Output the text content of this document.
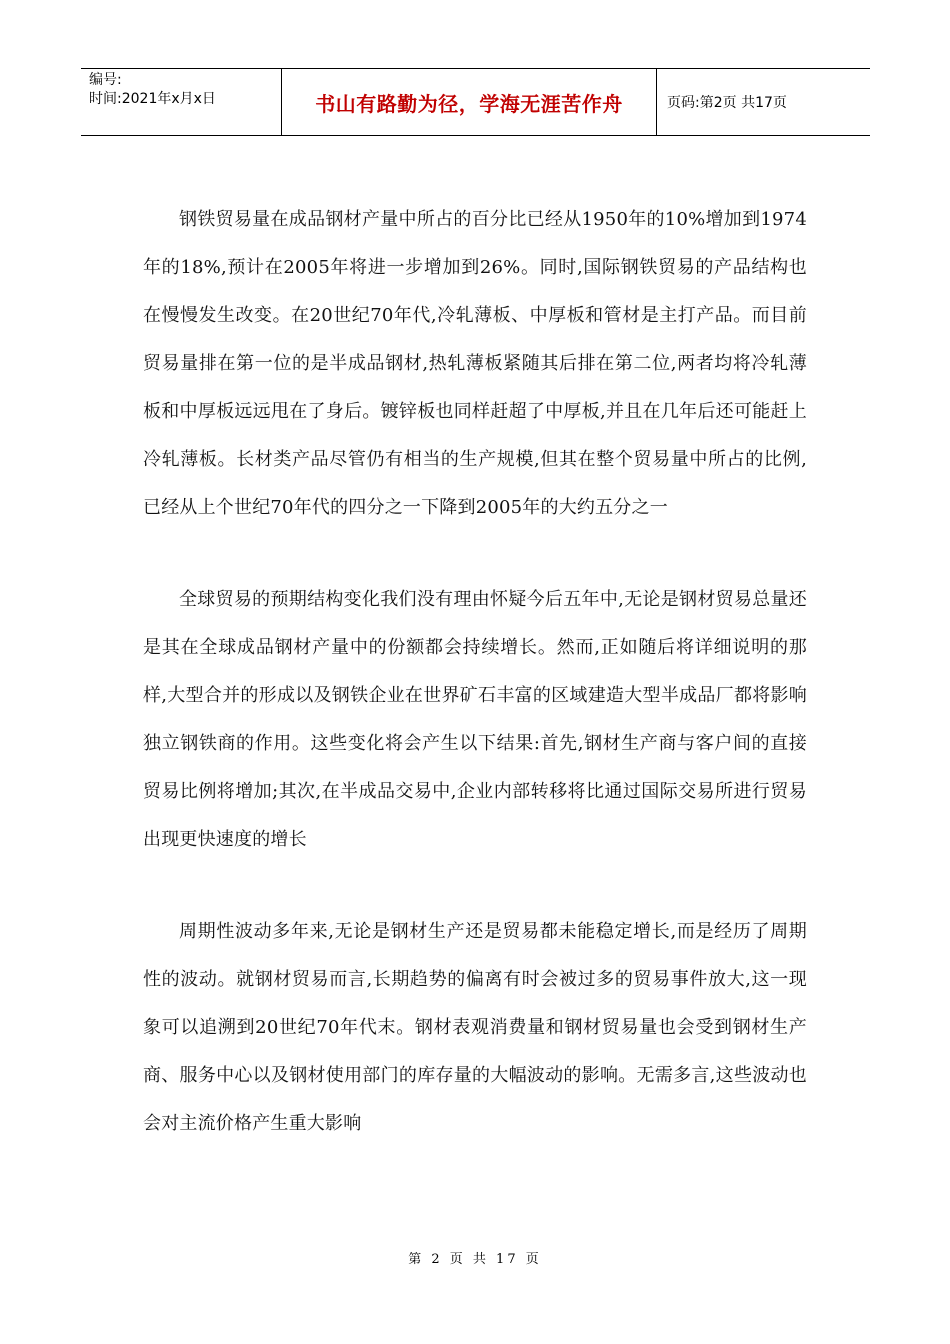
编号:
时间:2021年x月x日	书山有路勤为径，学海无涯苦作舟	页码:第2页 共17页

钢铁贸易量在成品钢材产量中所占的百分比已经从1950年的10%增加到1974年的18%,预计在2005年将进一步增加到26%。同时,国际钢铁贸易的产品结构也在慢慢发生改变。在20世纪70年代,冷轧薄板、中厚板和管材是主打产品。而目前贸易量排在第一位的是半成品钢材,热轧薄板紧随其后排在第二位,两者均将冷轧薄板和中厚板远远甩在了身后。镀锌板也同样赶超了中厚板,并且在几年后还可能赶上冷轧薄板。长材类产品尽管仍有相当的生产规模,但其在整个贸易量中所占的比例,已经从上个世纪70年代的四分之一下降到2005年的大约五分之一

全球贸易的预期结构变化我们没有理由怀疑今后五年中,无论是钢材贸易总量还是其在全球成品钢材产量中的份额都会持续增长。然而,正如随后将详细说明的那样,大型合并的形成以及钢铁企业在世界矿石丰富的区域建造大型半成品厂都将影响独立钢铁商的作用。这些变化将会产生以下结果:首先,钢材生产商与客户间的直接贸易比例将增加;其次,在半成品交易中,企业内部转移将比通过国际交易所进行贸易出现更快速度的增长

周期性波动多年来,无论是钢材生产还是贸易都未能稳定增长,而是经历了周期性的波动。就钢材贸易而言,长期趋势的偏离有时会被过多的贸易事件放大,这一现象可以追溯到20世纪70年代末。钢材表观消费量和钢材贸易量也会受到钢材生产商、服务中心以及钢材使用部门的库存量的大幅波动的影响。无需多言,这些波动也会对主流价格产生重大影响

第 2 页 共 17 页
